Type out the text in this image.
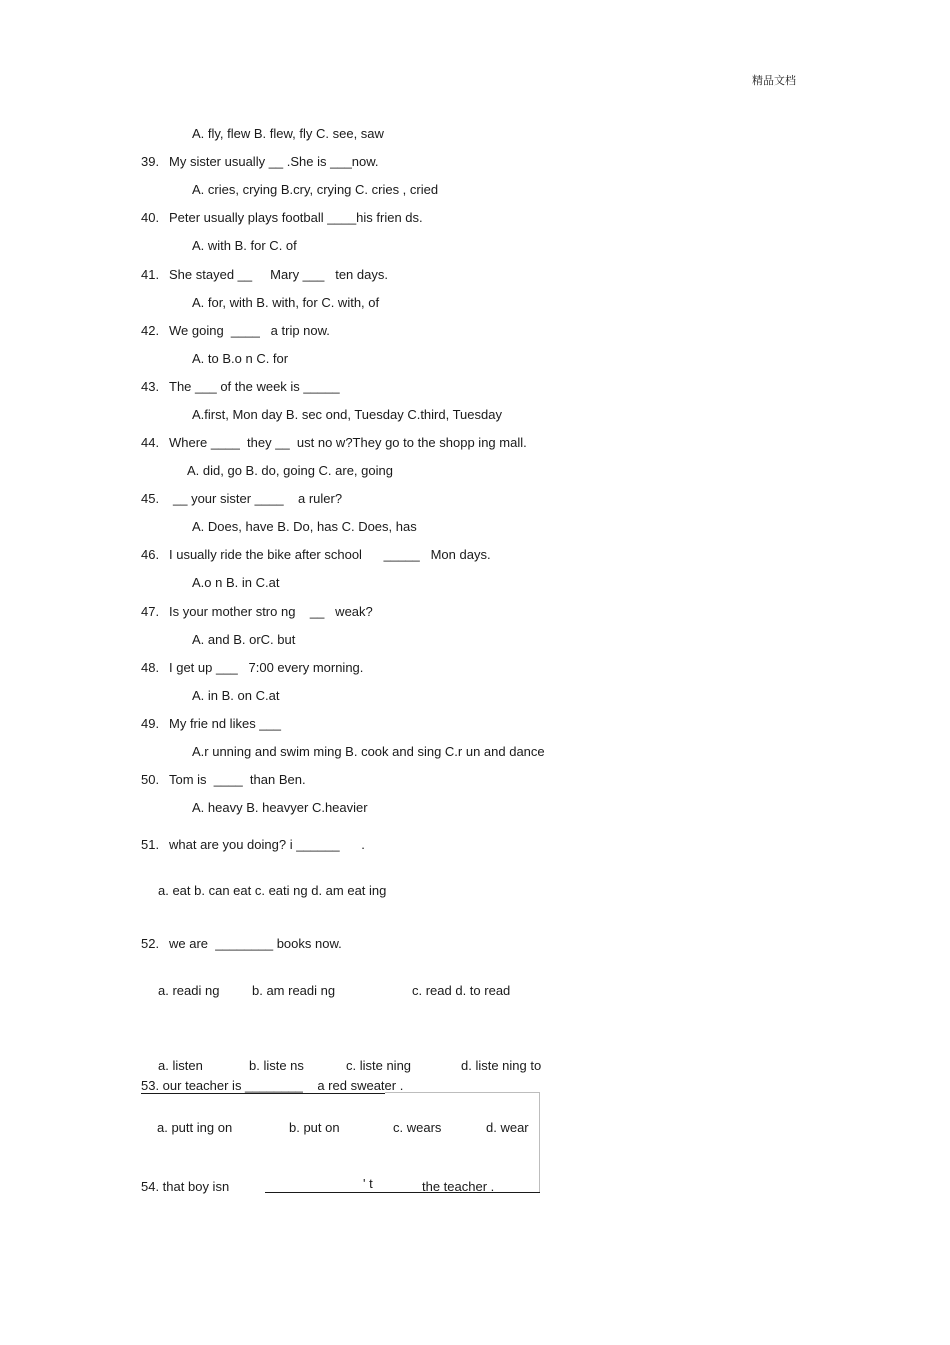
精品文档
A. fly, flew B. flew, fly C. see, saw
39. My sister usually __ .She is ___now.
A. cries, crying B.cry, crying C. cries , cried
40. Peter usually plays football ____his frien ds.
A. with B. for C. of
41. She stayed __     Mary ___   ten days.
A. for, with B. with, for C. with, of
42. We going  ____   a trip now.
A. to B.o n C. for
43. The ___ of the week is _____
A.first, Mon day B. sec ond, Tuesday C.third, Tuesday
44. Where ____  they __  ust no w?They go to the shopp ing mall.
A. did, go B. do, going C. are, going
45. __ your sister ____    a ruler?
A. Does, have B. Do, has C. Does, has
46. I usually ride the bike after school      _____   Mon days.
A.o n B. in C.at
47. Is your mother stro ng    __   weak?
A. and B. orC. but
48. I get up ___   7:00 every morning.
A. in B. on C.at
49. My frie nd likes ___
A.r unning and swim ming B. cook and sing C.r un and dance
50. Tom is  ____  than Ben.
A. heavy B. heavyer C.heavier
51. what are you doing? i ______      .
a. eat b. can eat c. eati ng d. am eat ing
52. we are  ________ books now.
a. readi ng	b. am readi ng	c. read d. to read
a. listen	b. liste ns	c. liste ning	d. liste ning to
53. our teacher is ________    a red sweater .
a. putt ing on	b. put on	c. wears	d. wear
54. that boy isn	' t	the teacher .
